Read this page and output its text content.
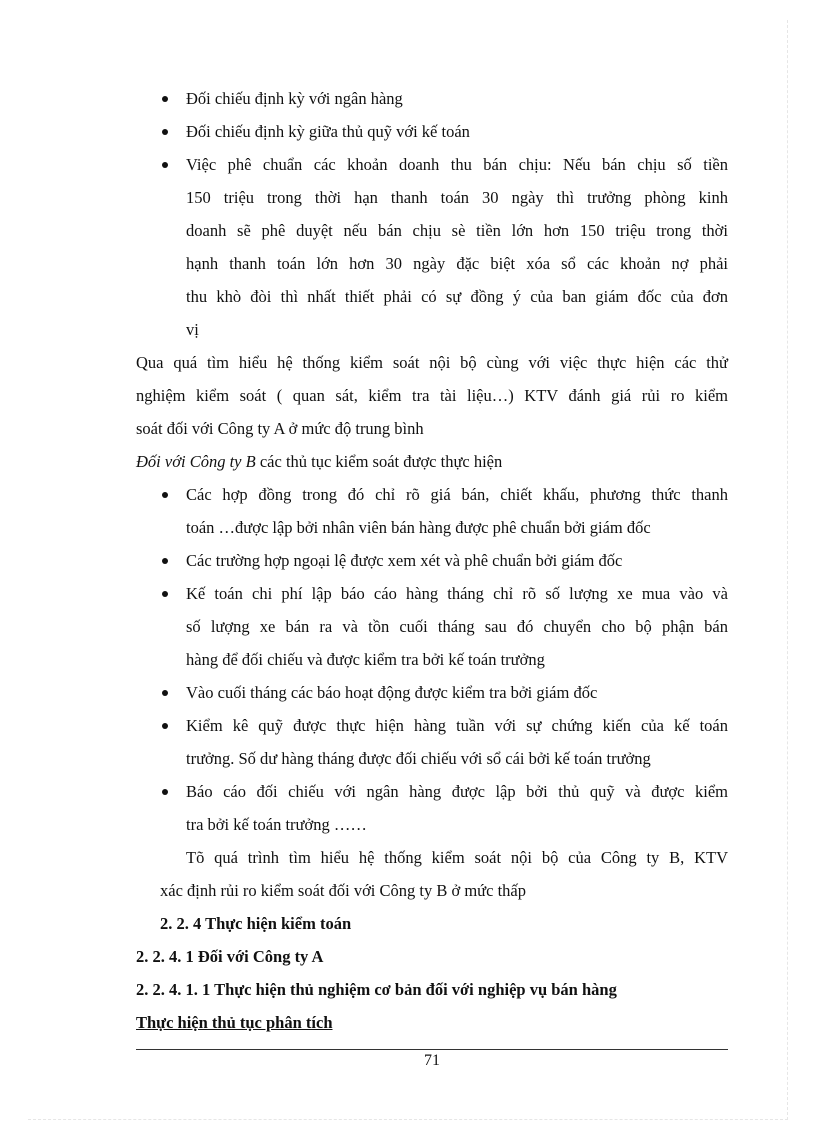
Đối chiếu định kỳ với ngân hàng
Đối chiếu định kỳ giữa thủ quỹ với kế toán
Việc phê chuẩn các khoản doanh thu bán chịu: Nếu bán chịu số tiền
150 triệu trong thời hạn thanh toán 30 ngày thì trưởng phòng kinh
doanh sẽ phê duyệt nếu bán chịu sè tiền lớn hơn 150 triệu trong thời
hạnh thanh toán lớn hơn 30 ngày đặc biệt xóa sổ các khoản nợ phải
thu khò đòi thì nhất thiết phải có sự đồng ý của ban giám đốc của đơn
vị
Qua quá tìm hiểu hệ thống kiểm soát nội bộ cùng với việc thực hiện các thử
nghiệm kiểm soát ( quan sát, kiểm tra tài liệu…) KTV đánh giá rủi ro kiểm
soát đối với Công ty A ở mức độ trung bình
Đối với Công ty B các thủ tục kiểm soát được thực hiện
Các hợp đồng trong đó chỉ rõ giá bán, chiết khấu, phương thức thanh
toán …được lập bởi nhân viên bán hàng được phê chuẩn bởi giám đốc
Các trường hợp ngoại lệ được xem xét và phê chuẩn bởi giám đốc
Kế toán chi phí lập báo cáo hàng tháng chỉ rõ số lượng xe mua vào và
số lượng xe bán ra và tồn cuối tháng sau đó chuyển cho bộ phận bán
hàng để đối chiếu và được kiểm tra bởi kế toán trưởng
Vào cuối tháng các báo hoạt động được kiểm tra bởi giám đốc
Kiểm kê quỹ được thực hiện hàng tuần với sự chứng kiến của kế toán
trưởng. Số dư hàng tháng được đối chiếu với sổ cái bởi kế toán trưởng
Báo cáo đối chiếu với ngân hàng được lập bởi thủ quỹ và được kiểm
tra bởi kế toán trưởng ……
Tõ quá trình tìm hiểu hệ thống kiểm soát nội bộ của Công ty B, KTV
xác định rủi ro kiểm soát đối với Công ty B ở mức thấp
2. 2. 4 Thực hiện kiểm toán
2. 2. 4. 1 Đối với Công ty A
2. 2. 4. 1. 1 Thực hiện thủ nghiệm cơ bản đối với nghiệp vụ bán hàng
Thực hiện thủ tục phân tích
71
